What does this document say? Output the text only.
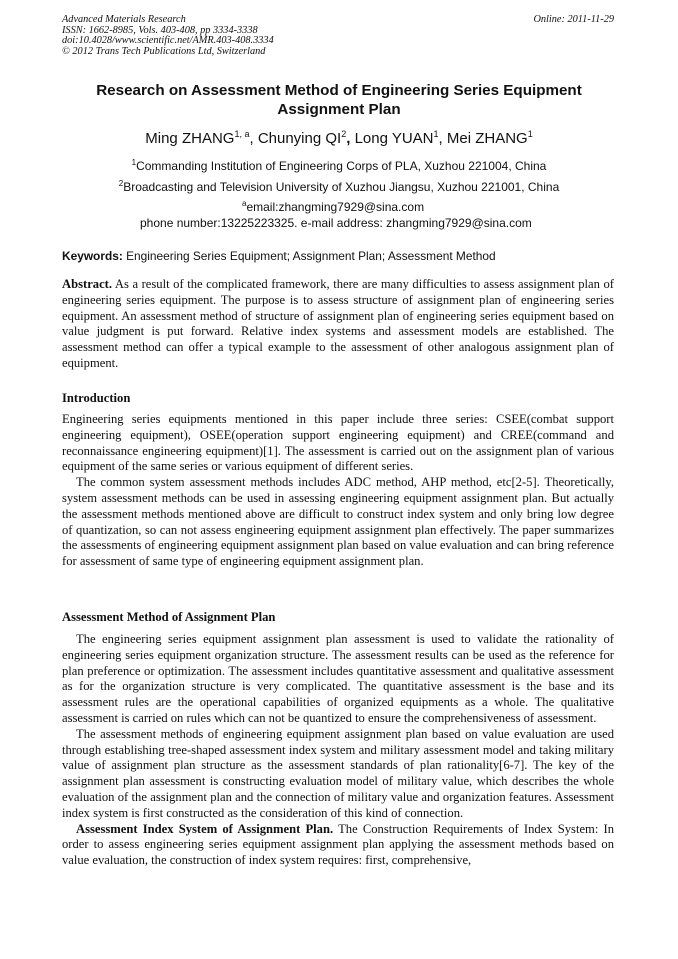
Advanced Materials Research
ISSN: 1662-8985, Vols. 403-408, pp 3334-3338
doi:10.4028/www.scientific.net/AMR.403-408.3334
© 2012 Trans Tech Publications Ltd, Switzerland
Online: 2011-11-29
Research on Assessment Method of Engineering Series Equipment
Assignment Plan
Ming ZHANG$^{1, a}$, Chunying $QI^2$, Long YUAN$^1$, Mei ZHANG$^1$
$^1$Commanding Institution of Engineering Corps of PLA, Xuzhou 221004, China
$^2$Broadcasting and Television University of Xuzhou Jiangsu, Xuzhou 221001, China
$^a$email:zhangming7929@sina.com
phone number:13225223325. e-mail address: zhangming7929@sina.com
Keywords: Engineering Series Equipment; Assignment Plan; Assessment Method

Abstract. As a result of the complicated framework, there are many difficulties to assess assignment plan of engineering series equipment. The purpose is to assess structure of assignment plan of engineering series equipment. An assessment method of structure of assignment plan of engineering series equipment based on value judgment is put forward. Relative index systems and assessment models are established. The assessment method can offer a typical example to the assessment of other analogous assignment plan of equipment.

Introduction

Engineering series equipments mentioned in this paper include three series: CSEE(combat support engineering equipment), OSEE(operation support engineering equipment) and CREE(command and reconnaissance engineering equipment)[1]. The assessment is carried out on the assignment plan of various equipment of the same series or various equipment of different series.

The common system assessment methods includes ADC method, AHP method, etc[2-5]. Theoretically, system assessment methods can be used in assessing engineering equipment assignment plan. But actually the assessment methods mentioned above are difficult to construct index system and only bring low degree of quantization, so can not assess engineering equipment assignment plan effectively. The paper summarizes the assessments of engineering equipment assignment plan based on value evaluation and can bring reference for assessment of same type of engineering equipment assignment plan.

Assessment Method of Assignment Plan

The engineering series equipment assignment plan assessment is used to validate the rationality of engineering series equipment organization structure. The assessment results can be used as the reference for plan preference or optimization. The assessment includes quantitative assessment and qualitative assessment as for the organization structure is very complicated. The quantitative assessment is the base and its assessment rules are the operational capabilities of organized equipments as a whole. The qualitative assessment is carried on rules which can not be quantized to ensure the comprehensiveness of assessment.

The assessment methods of engineering equipment assignment plan based on value evaluation are used through establishing tree-shaped assessment index system and military assessment model and taking military value of assignment plan structure as the assessment standards of plan rationality[6-7]. The key of the assignment plan assessment is constructing evaluation model of military value, which describes the whole evaluation of the assignment plan and the connection of military value and organization features. Assessment index system is first constructed as the consideration of this kind of connection.

Assessment Index System of Assignment Plan. The Construction Requirements of Index System: In order to assess engineering series equipment assignment plan applying the assessment methods based on value evaluation, the construction of index system requires: first, comprehensive,
